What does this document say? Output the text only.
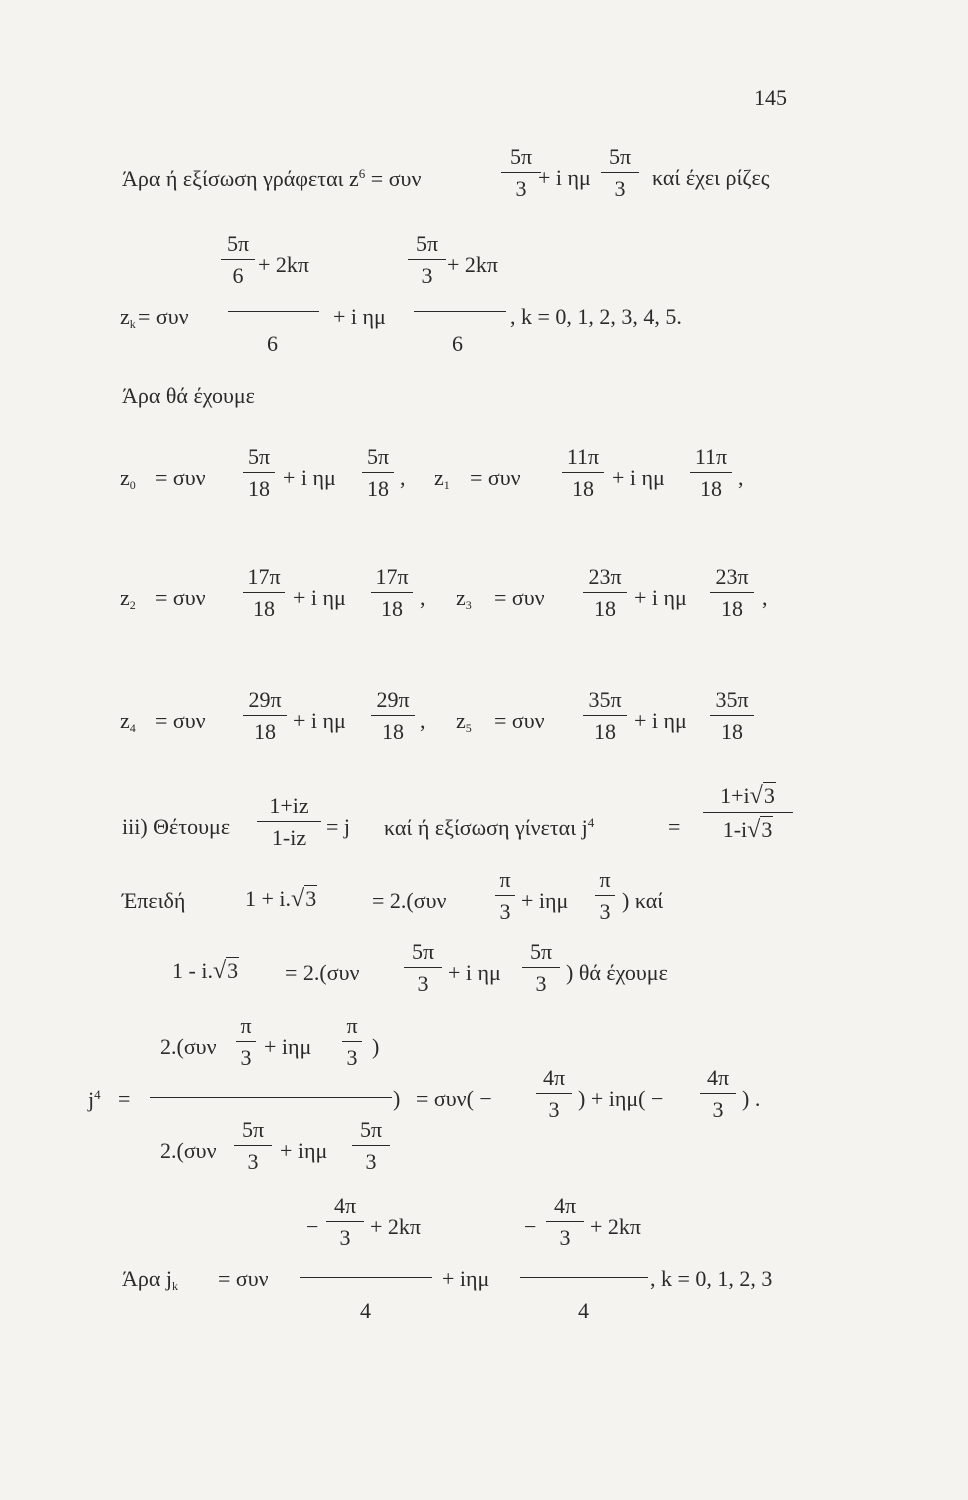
145
Άρα ή εξίσωση γράφεται $z^6 = \sigma\upsilon\nu$
5π
3 + i ημ
5π
3 καί έχει ρίζες
$z_k = \sigma\upsilon\nu$
5π
6 + 2kπ
6
+ i ημ
5π
3 + 2kπ
6
, k = 0, 1, 2, 3, 4, 5.
Άρα θά έχουμε
$z_0 = \sigma\upsilon\nu$
5π
18 + i ημ
5π
18 , $z_1 = \sigma\upsilon\nu$
11π
18 + i ημ
11π
18 ,
$z_2 = \sigma\upsilon\nu$
17π
18 + i ημ
17π
18 , $z_3 = \sigma\upsilon\nu$
23π
18 + i ημ
23π
18 ,
$z_4 = \sigma\upsilon\nu$
29π
18 + i ημ
29π
18 , $z_5 = \sigma\upsilon\nu$
35π
18 + i ημ
35π
18
iii) Θέτουμε
1+iz
1-iz = j καί ή εξίσωση γίνεται $j^4$	=
1+i√3
1-i√3
Έπειδή	1 + i.√3	= 2.(συν
π
3 + iημ
π
3 ) καί
1 - i.√3 = 2.(συν
5π
3 + i ημ
5π
3 ) θά έχουμε
$j^4$ =
2.(συν
π
3 + iημ
π
3 )
)
2.(συν
5π
3 + iημ
5π
3
= συν( −
4π
3 ) + iημ( −
4π
3 ) .
Άρα $j_k = \sigma\upsilon\nu$
−
4π
3 + 2kπ
4
+ iημ
−
4π
3 + 2kπ
4
, k = 0, 1, 2, 3
